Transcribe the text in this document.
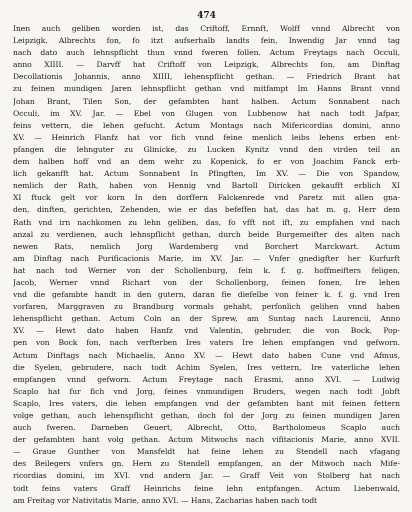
474
Inen auch geliben worden ist, das Criftoff, Ernnft, Wolff vnnd Albrecht von
Leipzigk, Albrechts fon, fo itzt aufserhalb landts fein, Inwendig Jar vnnd tag
nach dato auch lehnspflicht thun vnnd fweren follen. Actum Freytags nach Occuli,
anno XIIII. — Darvff hat Criftoff von Leipzigk, Albrechts fon, am Dinftag
Decollationis Johannis, anno XIIII, lehenspflicht gethan. — Friedrich Brant hat
zu feinen mundigen Jaren lehnspflicht gethan vnd mitfampt Im Hanns Brant vnnd
Johan Brant, Tilen Son, der gefambten hant halben. Actum Sonnabent nach
Occuli, im XV. Jar. — Ebel von Glugen von Lubbenow hat nach todt Jafpar,
feins vettern, die lehen gefucht. Actum Montags nach Mifericordias domini, anno
XV. — Heinrich Flanfz hat vor fich vnnd feine menlich leibs lehens erben ent-
pfangen die lehnguter zu Glinicke, zu Lucken Kynitz vnnd den virden teil an
dem halben hoff vnd an dem wehr zu Kopenick, fo er von Joachim Fanck erb-
lich gekanfft hat. Actum Sonnabent In Pfingften, Im XV. — Die von Spandow,
nemlich der Rath, haben von Hennig vnd Bartoll Diricken gekaufft erblich XI
XI ftuck gelt vor korn In den dorffern Falckenrede vnd Paretz mit allen gna-
den, dinften, gerichten, Zehenden, wie er das befeffen hat, das hat m. g. Herr dem
Rath vnd irn nachkomen zu lehn geliben, das, fo vfft not ift, zu empfahen vnd nach
anzal zu verdienen, auch lehnspflicht gethan, durch beide Burgemeifter des alten nach
newen Rats, nemlich Jorg Wardemberg vnd Borchert Marckwart. Actum
am Dinftag nach Purificacionis Marie, im XV. Jar. — Vnfer gnedigfter her Kurfurft
hat nach tod Werner von der Schollenburg, fein k. f. g. hoffmeifters feligen,
Jacob, Werner vnnd Richart von der Schollenborg, feinen fonen, Ire lehen
vnd die gefambte handt in den gutern, daran fie diefelbe von feiner k. f. g. vnd Iren
vorfaren, Marggraven zu Brandburg vormals gehabt, perfonlich gelihen vnnd haben
lehenspflicht gethan. Actum Coln an der Sprew, am Suntag nach Laurencii, Anno
XV. — Hewt dato haben Hanfz vnd Valentin, gebruder, die von Bock, Pop-
pen von Bock fon, nach verfterben Ires vaters Ire lehen empfangen vnd gefworn.
Actum Dinftags nach Michaelis, Anno XV. — Hewt dato haben Cune vnd Afmus,
die Syelen, gebrudere, nach todt Achim Syelen, Ires vettern, Ire vaterliche lehen
empfangen vnnd gefworn. Actum Freytage nach Erasmi, anno XVI. — Ludwig
Scaplo hat fur fich vnd Jorg, feines vnmundigen Bruders, wegen nach todt Jobft
Scaplo, Ires vaters, die lehen empfangen vnd der gefambten hant mit feinen fettern
volge gethan, auch lehenspflicht gethan, doch fol der Jorg zu feinen mundigen Jaren
auch fweren. Darneben Geuert, Albrecht, Otto, Bartholomeus Scaplo auch
der gefambten hant volg gethan. Actum Mitwochs nach vifitacionis Marie, anno XVII.
— Graue Gunther von Mansfeldt hat feine lehen zu Stendell nach vfagang
des Beilegers vnfers gn. Hern zu Stendell empfangen, an der Mitwoch nach Mife-
ricordias domini, im XVI. vnd andern Jar. — Graff Veit von Stolberg hat nach
todt feins vaters Graff Heinrichs feine lehn entpfangen. Actum Liebenwald,
am Freitag vor Nativitatis Marie, anno XVI. — Hans, Zacharias haben nach todt
